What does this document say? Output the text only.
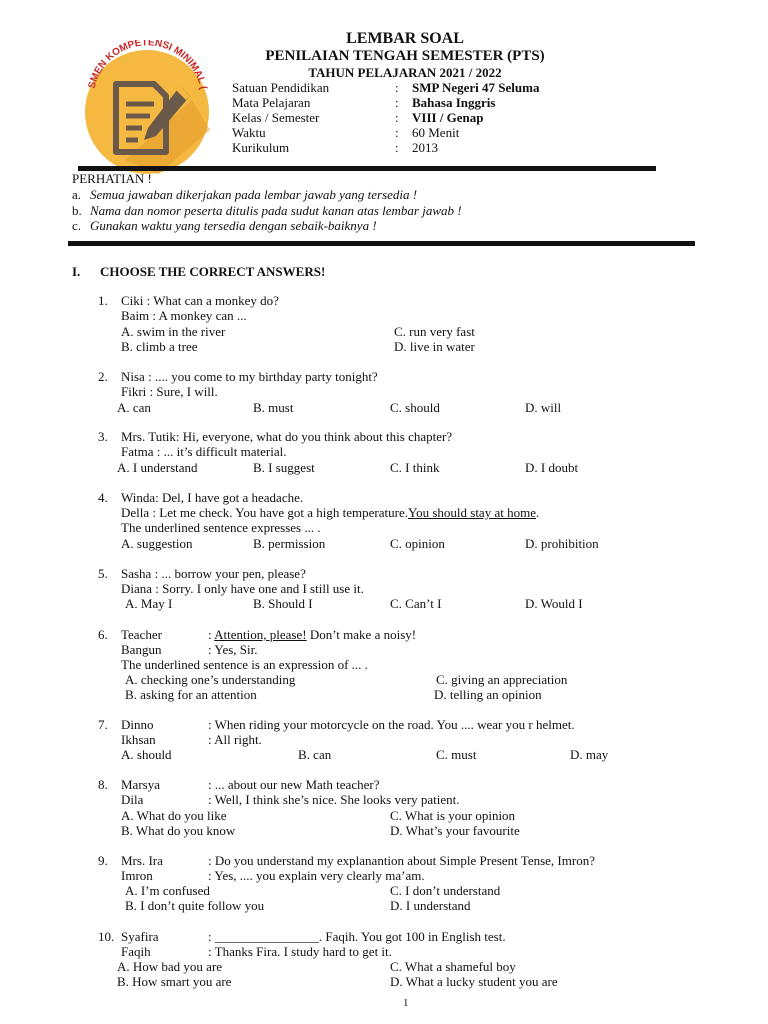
SMEN KOMPETENSI MINIMAL (
LEMBAR SOAL
PENILAIAN TENGAH SEMESTER (PTS)
TAHUN PELAJARAN 2021 / 2022
Satuan Pendidikan	: SMP Negeri 47 Seluma
Mata Pelajaran	: Bahasa Inggris
Kelas / Semester	: VIII / Genap
Waktu	: 60 Menit
Kurikulum	: 2013
PERHATIAN !
a. Semua jawaban dikerjakan pada lembar jawab yang tersedia !
b. Nama dan nomor peserta ditulis pada sudut kanan atas lembar jawab !
c. Gunakan waktu yang tersedia dengan sebaik-baiknya !
I. CHOOSE THE CORRECT ANSWERS!
1. Ciki : What can a monkey do?
Baim : A monkey can ...
A. swim in the river
B. climb a tree
C. run very fast
D. live in water
2. Nisa : .... you come to my birthday party tonight?
Fikri : Sure, I will.
A. can	B. must	C. should	D. will
3. Mrs. Tutik: Hi, everyone, what do you think about this chapter?
Fatma : ... it’s difficult material.
A. I understand	B. I suggest	C. I think	D. I doubt
4. Winda: Del, I have got a headache.
Della : Let me check. You have got a high temperature.You should stay at home.
The underlined sentence expresses ... .
A. suggestion	B. permission	C. opinion	D. prohibition
5. Sasha : ... borrow your pen, please?
Diana : Sorry. I only have one and I still use it.
A. May I	B. Should I	C. Can’t I	D. Would I
6. Teacher	: Attention, please! Don’t make a noisy!
Bangun	: Yes, Sir.
The underlined sentence is an expression of ... .
A. checking one’s understanding
B. asking for an attention
C. giving an appreciation
D. telling an opinion
7. Dinno	: When riding your motorcycle on the road. You .... wear you r helmet.
Ikhsan	: All right.
A. should	B. can	C. must	D. may
8. Marsya	: ... about our new Math teacher?
Dila	: Well, I think she’s nice. She looks very patient.
A. What do you like
B. What do you know
C. What is your opinion
D. What’s your favourite
9. Mrs. Ira	: Do you understand my explanantion about Simple Present Tense, Imron?
Imron	: Yes, .... you explain very clearly ma’am.
A. I’m confused
B. I don’t quite follow you
C. I don’t understand
D. I understand
10. Syafira	: ________________. Faqih. You got 100 in English test.
Faqih	: Thanks Fira. I study hard to get it.
A. How bad you are
B. How smart you are
C. What a shameful boy
D. What a lucky student you are
1
